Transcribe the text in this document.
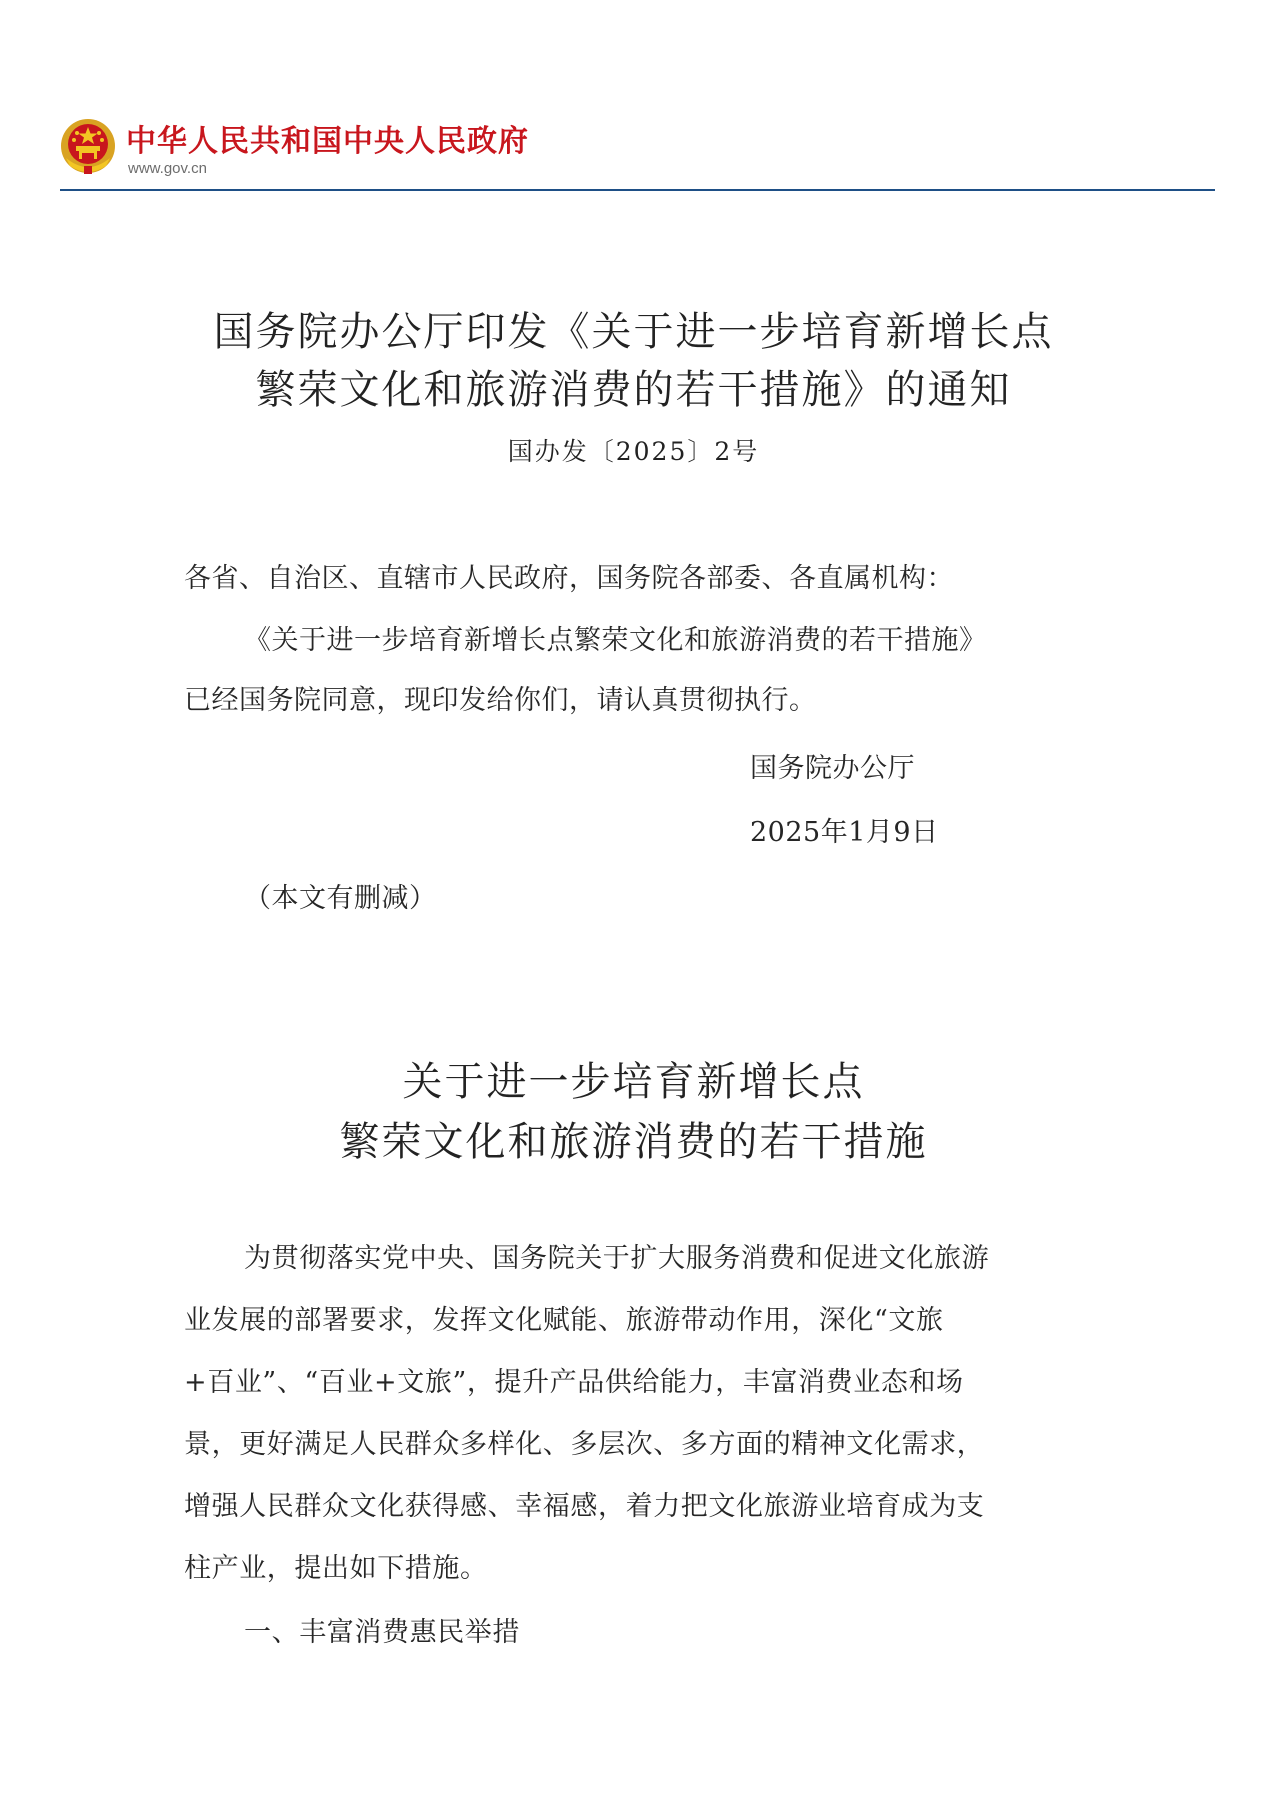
中华人民共和国中央人民政府
www.gov.cn
国务院办公厅印发《关于进一步培育新增长点
繁荣文化和旅游消费的若干措施》的通知
国办发〔2025〕2号
各省、自治区、直辖市人民政府，国务院各部委、各直属机构：
《关于进一步培育新增长点繁荣文化和旅游消费的若干措施》
已经国务院同意，现印发给你们，请认真贯彻执行。
国务院办公厅
2025年1月9日
（本文有删减）
关于进一步培育新增长点
繁荣文化和旅游消费的若干措施
为贯彻落实党中央、国务院关于扩大服务消费和促进文化旅游
业发展的部署要求，发挥文化赋能、旅游带动作用，深化“文旅
+百业”、“百业+文旅”，提升产品供给能力，丰富消费业态和场
景，更好满足人民群众多样化、多层次、多方面的精神文化需求，
增强人民群众文化获得感、幸福感，着力把文化旅游业培育成为支
柱产业，提出如下措施。
一、丰富消费惠民举措
